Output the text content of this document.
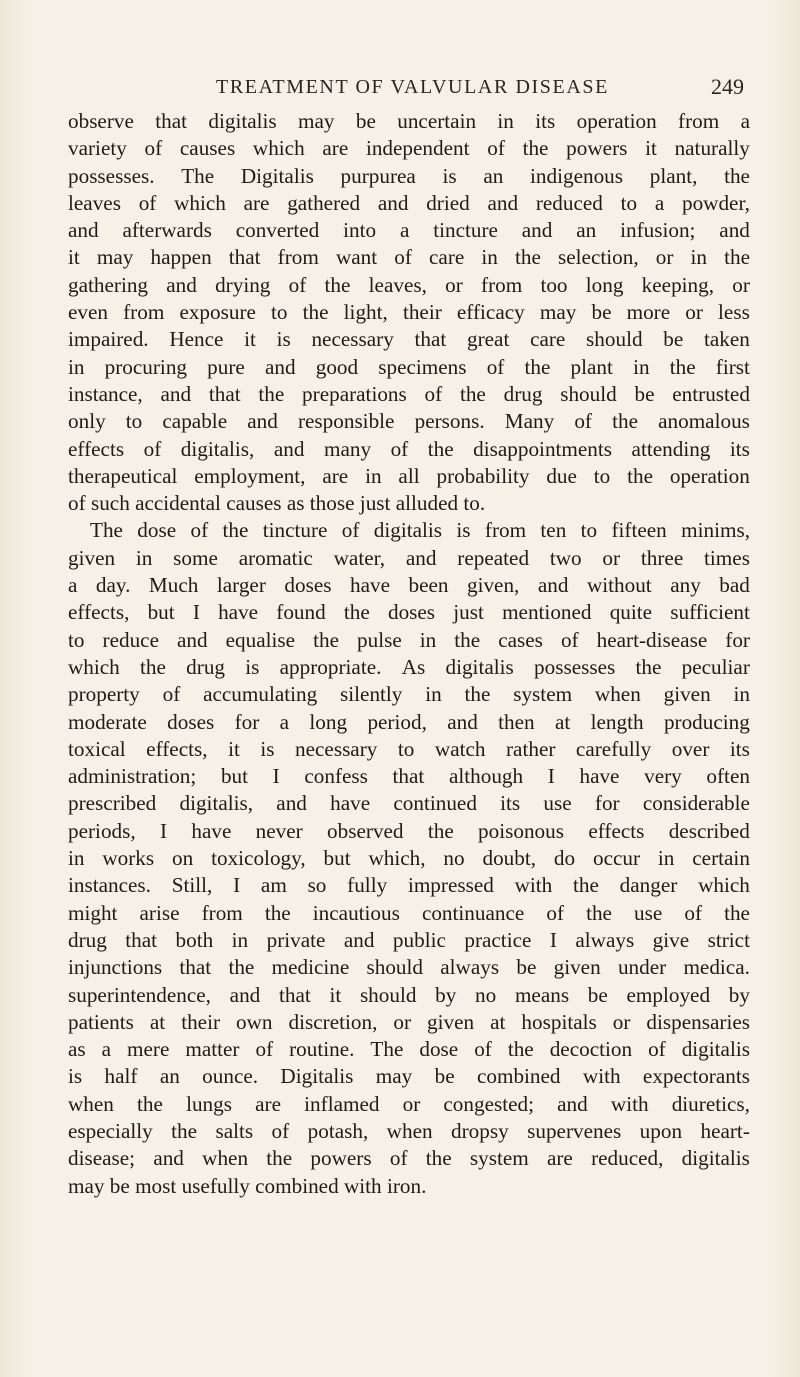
TREATMENT OF VALVULAR DISEASE	249
observe that digitalis may be uncertain in its operation from a
variety of causes which are independent of the powers it naturally
possesses. The Digitalis purpurea is an indigenous plant, the
leaves of which are gathered and dried and reduced to a powder,
and afterwards converted into a tincture and an infusion; and
it may happen that from want of care in the selection, or in the
gathering and drying of the leaves, or from too long keeping, or
even from exposure to the light, their efficacy may be more or less
impaired. Hence it is necessary that great care should be taken
in procuring pure and good specimens of the plant in the first
instance, and that the preparations of the drug should be entrusted
only to capable and responsible persons. Many of the anomalous
effects of digitalis, and many of the disappointments attending its
therapeutical employment, are in all probability due to the operation
of such accidental causes as those just alluded to.
The dose of the tincture of digitalis is from ten to fifteen minims,
given in some aromatic water, and repeated two or three times
a day. Much larger doses have been given, and without any bad
effects, but I have found the doses just mentioned quite sufficient
to reduce and equalise the pulse in the cases of heart-disease for
which the drug is appropriate. As digitalis possesses the peculiar
property of accumulating silently in the system when given in
moderate doses for a long period, and then at length producing
toxical effects, it is necessary to watch rather carefully over its
administration; but I confess that although I have very often
prescribed digitalis, and have continued its use for considerable
periods, I have never observed the poisonous effects described
in works on toxicology, but which, no doubt, do occur in certain
instances. Still, I am so fully impressed with the danger which
might arise from the incautious continuance of the use of the
drug that both in private and public practice I always give strict
injunctions that the medicine should always be given under medica.
superintendence, and that it should by no means be employed by
patients at their own discretion, or given at hospitals or dispensaries
as a mere matter of routine. The dose of the decoction of digitalis
is half an ounce. Digitalis may be combined with expectorants
when the lungs are inflamed or congested; and with diuretics,
especially the salts of potash, when dropsy supervenes upon heart-
disease; and when the powers of the system are reduced, digitalis
may be most usefully combined with iron.
